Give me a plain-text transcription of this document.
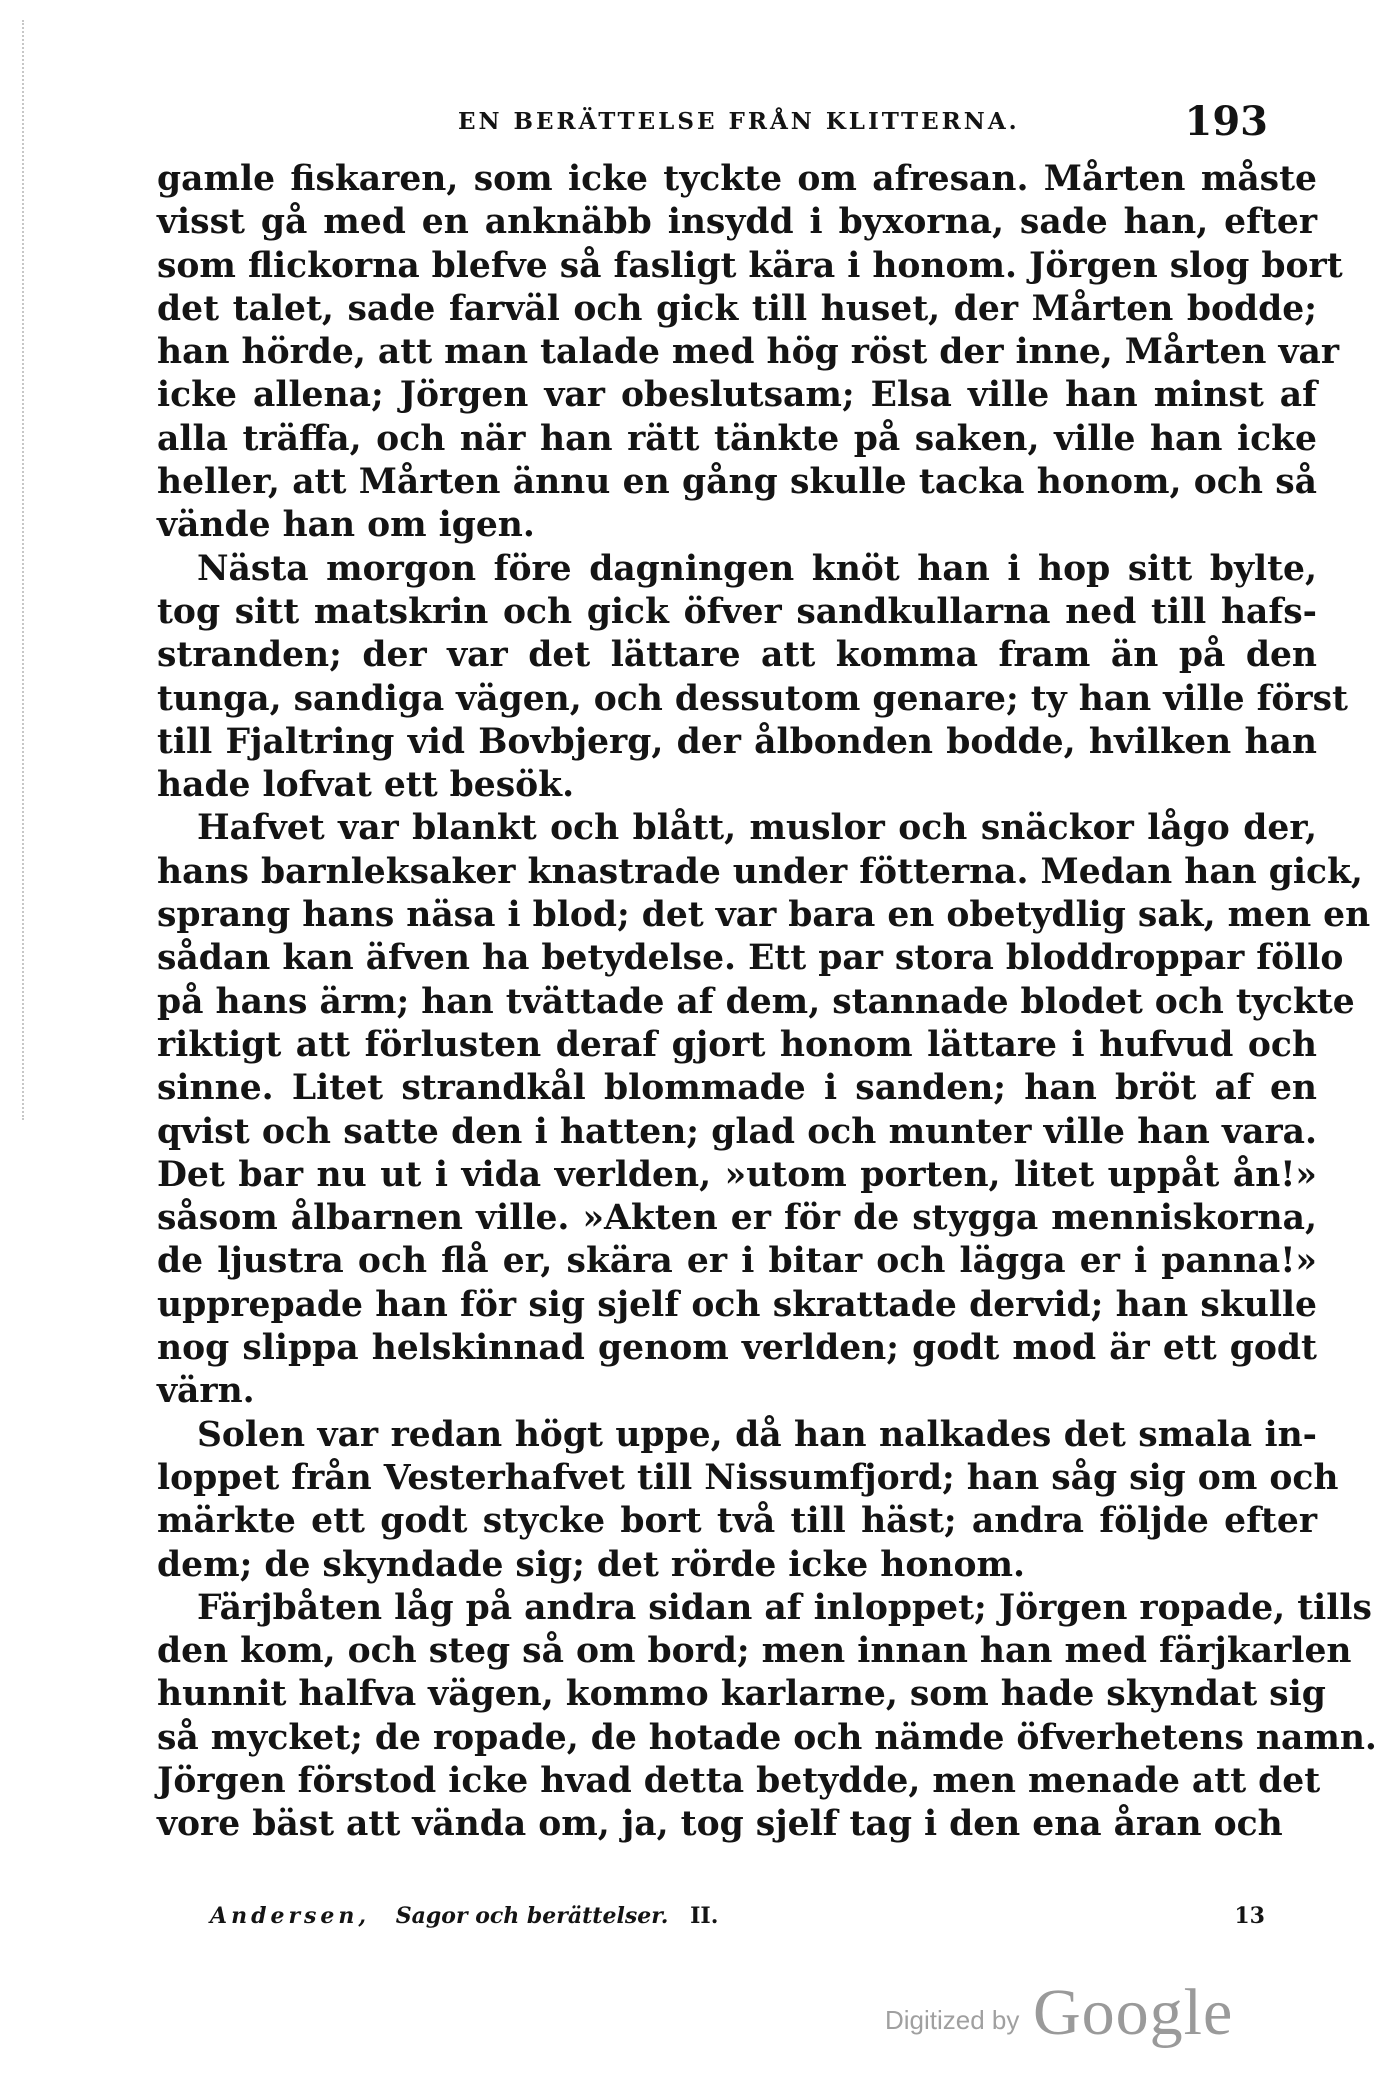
EN BERÄTTELSE FRÅN KLITTERNA.	193
gamle fiskaren, som icke tyckte om afresan. Mårten måste
visst gå med en anknäbb insydd i byxorna, sade han, efter
som flickorna blefve så fasligt kära i honom. Jörgen slog bort
det talet, sade farväl och gick till huset, der Mårten bodde;
han hörde, att man talade med hög röst der inne, Mårten var
icke allena; Jörgen var obeslutsam; Elsa ville han minst af
alla träffa, och när han rätt tänkte på saken, ville han icke
heller, att Mårten ännu en gång skulle tacka honom, och så
vände han om igen.
Nästa morgon före dagningen knöt han i hop sitt bylte,
tog sitt matskrin och gick öfver sandkullarna ned till hafs-
stranden; der var det lättare att komma fram än på den
tunga, sandiga vägen, och dessutom genare; ty han ville först
till Fjaltring vid Bovbjerg, der ålbonden bodde, hvilken han
hade lofvat ett besök.
Hafvet var blankt och blått, muslor och snäckor lågo der,
hans barnleksaker knastrade under fötterna. Medan han gick,
sprang hans näsa i blod; det var bara en obetydlig sak, men en
sådan kan äfven ha betydelse. Ett par stora bloddroppar föllo
på hans ärm; han tvättade af dem, stannade blodet och tyckte
riktigt att förlusten deraf gjort honom lättare i hufvud och
sinne. Litet strandkål blommade i sanden; han bröt af en
qvist och satte den i hatten; glad och munter ville han vara.
Det bar nu ut i vida verlden, »utom porten, litet uppåt ån!»
såsom ålbarnen ville. »Akten er för de stygga menniskorna,
de ljustra och flå er, skära er i bitar och lägga er i panna!»
upprepade han för sig sjelf och skrattade dervid; han skulle
nog slippa helskinnad genom verlden; godt mod är ett godt
värn.
Solen var redan högt uppe, då han nalkades det smala in-
loppet från Vesterhafvet till Nissumfjord; han såg sig om och
märkte ett godt stycke bort två till häst; andra följde efter
dem; de skyndade sig; det rörde icke honom.
Färjbåten låg på andra sidan af inloppet; Jörgen ropade, tills
den kom, och steg så om bord; men innan han med färjkarlen
hunnit halfva vägen, kommo karlarne, som hade skyndat sig
så mycket; de ropade, de hotade och nämde öfverhetens namn.
Jörgen förstod icke hvad detta betydde, men menade att det
vore bäst att vända om, ja, tog sjelf tag i den ena åran och
Andersen, Sagor och berättelser. II.	13
Digitized by Google
